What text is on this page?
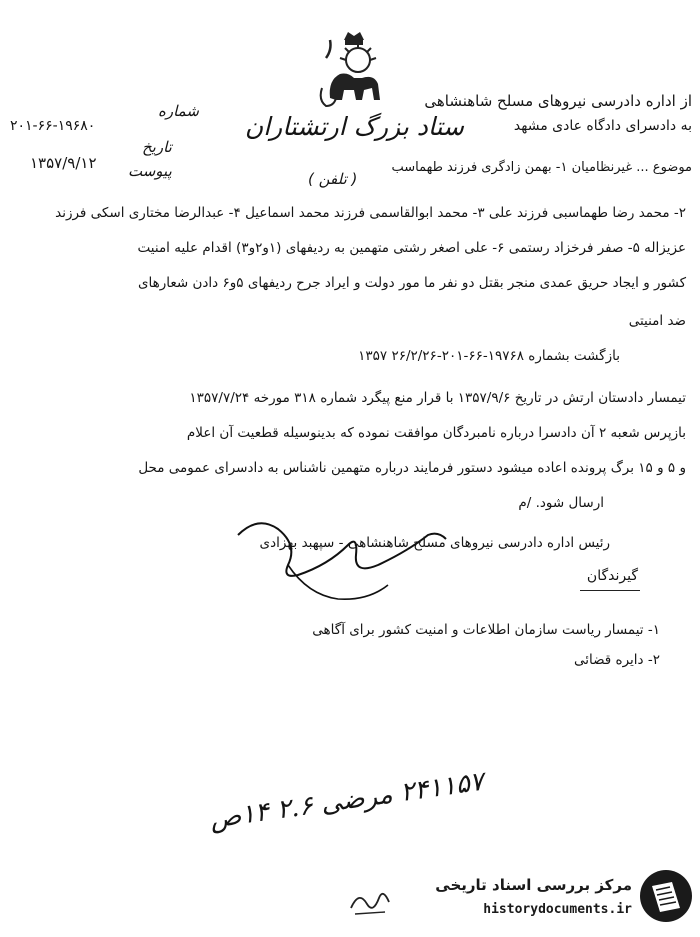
۲۰۱-۶۶-۱۹۶۸۰
شماره
۱۳۵۷/۹/۱۲
تاریخ
پیوست
از اداره دادرسی نیروهای مسلح شاهنشاهی
به دادسرای دادگاه عادی مشهد
ستاد بزرگ ارتشتاران
موضوع ... غیرنظامیان ۱- بهمن زادگری فرزند طهماسب
( تلفن )
۲- محمد رضا طهماسبی فرزند علی ۳- محمد ابوالقاسمی فرزند محمد اسماعیل ۴- عبدالرضا مختاری اسکی فرزند
عزیزاله ۵- صفر فرخزاد رستمی ۶- علی اصغر رشتی متهمین به ردیفهای (۱و۲و۳) اقدام علیه امنیت
کشور و ایجاد حریق عمدی منجر بقتل دو نفر ما مور دولت و ایراد جرح ردیفهای ۵و۶ دادن شعارهای
ضد امنیتی
بازگشت بشماره ۱۹۷۶۸-۶۶-۲۰۱-۲۶/۲/۲۶ ۱۳۵۷
تیمسار دادستان ارتش در تاریخ ۱۳۵۷/۹/۶ با قرار منع پیگرد شماره ۳۱۸ مورخه ۱۳۵۷/۷/۲۴
بازپرس شعبه ۲ آن دادسرا درباره نامبردگان موافقت نموده که بدینوسیله قطعیت آن اعلام
و ۵ و ۱۵ برگ پرونده اعاده میشود دستور فرمایند درباره متهمین ناشناس به دادسرای عمومی محل
ارسال شود. /م
رئیس اداره دادرسی نیروهای مسلح شاهنشاهی - سپهبد بهزادی
گیرندگان
۱- تیمسار ریاست سازمان اطلاعات و امنیت کشور برای آگاهی
۲- دایره قضائی
۲۴۱۱۵۷ مرضی ۲.۶ ۱۴ص
مرکز بررسی اسناد تاریخی
historydocuments.ir
